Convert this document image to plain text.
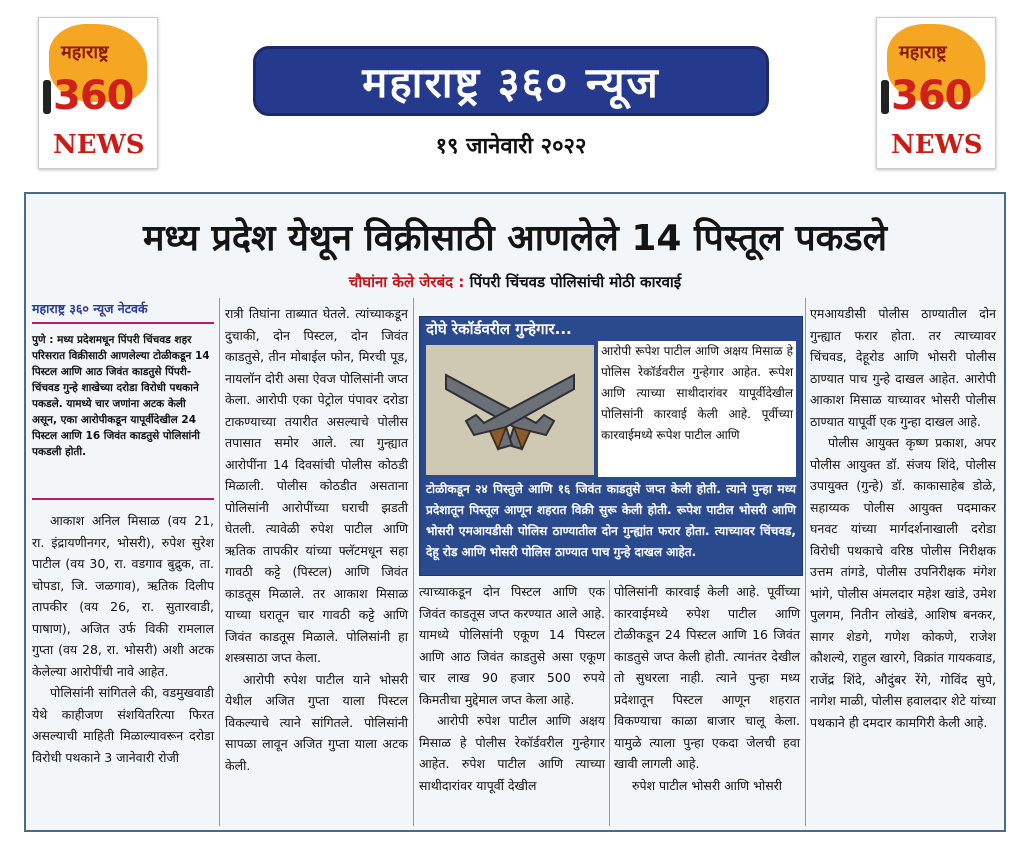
महाराष्ट्र
360
NEWS
महाराष्ट्र
360
NEWS
महाराष्ट्र ३६० न्यूज
१९ जानेवारी २०२२
मध्य प्रदेश येथून विक्रीसाठी आणलेले 14 पिस्तूल पकडले
चौघांना केले जेरबंद : पिंपरी चिंचवड पोलिसांची मोठी कारवाई
महाराष्ट्र ३६० न्यूज नेटवर्क
पुणे : मध्य प्रदेशमधून पिंपरी चिंचवड शहर परिसरात विक्रीसाठी आणलेल्या टोळीकडून 14 पिस्टल आणि आठ जिवंत काडतुसे पिंपरी-चिंचवड गुन्हे शाखेच्या दरोडा विरोधी पथकाने पकडले. यामध्ये चार जणांना अटक केली असून, एका आरोपीकडून यापूर्वीदेखील 24 पिस्टल आणि 16 जिवंत काडतुसे पोलिसांनी पकडली होती.

आकाश अनिल मिसाळ (वय 21, रा. इंद्रायणीनगर, भोसरी), रुपेश सुरेश पाटील (वय 30, रा. वडगाव बुद्रुक, ता. चोपडा, जि. जळगाव), ऋतिक दिलीप तापकीर (वय 26, रा. सुतारवाडी, पाषाण), अजित उर्फ विकी रामलाल गुप्ता (वय 28, रा. भोसरी) अशी अटक केलेल्या आरोपींची नावे आहेत.

पोलिसांनी सांगितले की, वडमुखवाडी येथे काहीजण संशयितरित्या फिरत असल्याची माहिती मिळाल्यावरून दरोडा विरोधी पथकाने 3 जानेवारी रोजी

रात्री तिघांना ताब्यात घेतले. त्यांच्याकडून दुचाकी, दोन पिस्टल, दोन जिवंत काडतुसे, तीन मोबाईल फोन, मिरची पूड, नायलॉन दोरी असा ऐवज पोलिसांनी जप्त केला. आरोपी एका पेट्रोल पंपावर दरोडा टाकण्याच्या तयारीत असल्याचे पोलीस तपासात समोर आले. त्या गुन्ह्यात आरोपींना 14 दिवसांची पोलीस कोठडी मिळाली. पोलीस कोठडीत असताना पोलिसांनी आरोपींच्या घराची झडती घेतली. त्यावेळी रुपेश पाटील आणि ऋतिक तापकीर यांच्या फ्लॅटमधून सहा गावठी कट्टे (पिस्टल) आणि जिवंत काडतूस मिळाले. तर आकाश मिसाळ याच्या घरातून चार गावठी कट्टे आणि जिवंत काडतूस मिळाले. पोलिसांनी हा शस्त्रसाठा जप्त केला.

आरोपी रुपेश पाटील याने भोसरी येथील अजित गुप्ता याला पिस्टल विकल्याचे त्याने सांगितले. पोलिसांनी सापळा लावून अजित गुप्ता याला अटक केली.

दोघे रेकॉर्डवरील गुन्हेगार...
आरोपी रूपेश पाटील आणि अक्षय मिसाळ हे पोलिस रेकॉर्डवरील गुन्हेगार आहेत. रूपेश आणि त्याच्या साथीदारांवर यापूर्वीदेखील पोलिसांनी कारवाई केली आहे. पूर्वीच्या कारवाईमध्ये रूपेश पाटील आणि
टोळीकडून २४ पिस्तुले आणि १६ जिवंत काडतुसे जप्त केली होती. त्याने पुन्हा मध्य प्रदेशातून पिस्तूल आणून शहरात विक्री सुरू केली होती. रूपेश पाटील भोसरी आणि भोसरी एमआयडीसी पोलिस ठाण्यातील दोन गुन्ह्यांत फरार होता. त्याच्यावर चिंचवड, देहू रोड आणि भोसरी पोलिस ठाण्यात पाच गुन्हे दाखल आहेत.

त्याच्याकडून दोन पिस्टल आणि एक जिवंत काडतूस जप्त करण्यात आले आहे. यामध्ये पोलिसांनी एकूण 14 पिस्टल आणि आठ जिवंत काडतुसे असा एकूण चार लाख 90 हजार 500 रुपये किमतीचा मुद्देमाल जप्त केला आहे.

आरोपी रुपेश पाटील आणि अक्षय मिसाळ हे पोलीस रेकॉर्डवरील गुन्हेगार आहेत. रुपेश पाटील आणि त्याच्या साथीदारांवर यापूर्वी देखील

पोलिसांनी कारवाई केली आहे. पूर्वीच्या कारवाईमध्ये रुपेश पाटील आणि टोळीकडून 24 पिस्टल आणि 16 जिवंत काडतुसे जप्त केली होती. त्यानंतर देखील तो सुधरला नाही. त्याने पुन्हा मध्य प्रदेशातून पिस्टल आणून शहरात विकण्याचा काळा बाजार चालू केला. यामुळे त्याला पुन्हा एकदा जेलची हवा खावी लागली आहे.

रुपेश पाटील भोसरी आणि भोसरी

एमआयडीसी पोलीस ठाण्यातील दोन गुन्ह्यात फरार होता. तर त्याच्यावर चिंचवड, देहूरोड आणि भोसरी पोलीस ठाण्यात पाच गुन्हे दाखल आहेत. आरोपी आकाश मिसाळ याच्यावर भोसरी पोलीस ठाण्यात यापूर्वी एक गुन्हा दाखल आहे.

पोलीस आयुक्त कृष्ण प्रकाश, अपर पोलीस आयुक्त डॉ. संजय शिंदे, पोलीस उपायुक्त (गुन्हे) डॉ. काकासाहेब डोळे, सहाय्यक पोलीस आयुक्त पदमाकर घनवट यांच्या मार्गदर्शनाखाली दरोडा विरोधी पथकाचे वरिष्ठ पोलीस निरीक्षक उत्तम तांगडे, पोलीस उपनिरीक्षक मंगेश भांगे, पोलीस अंमलदार महेश खांडे, उमेश पुलगम, नितीन लोखंडे, आशिष बनकर, सागर शेडगे, गणेश कोकणे, राजेश कौशल्ये, राहुल खारगे, विक्रांत गायकवाड, राजेंद्र शिंदे, औदुंबर रेंगे, गोविंद सुपे, नागेश माळी, पोलीस हवालदार शेटे यांच्या पथकाने ही दमदार कामगिरी केली आहे.
